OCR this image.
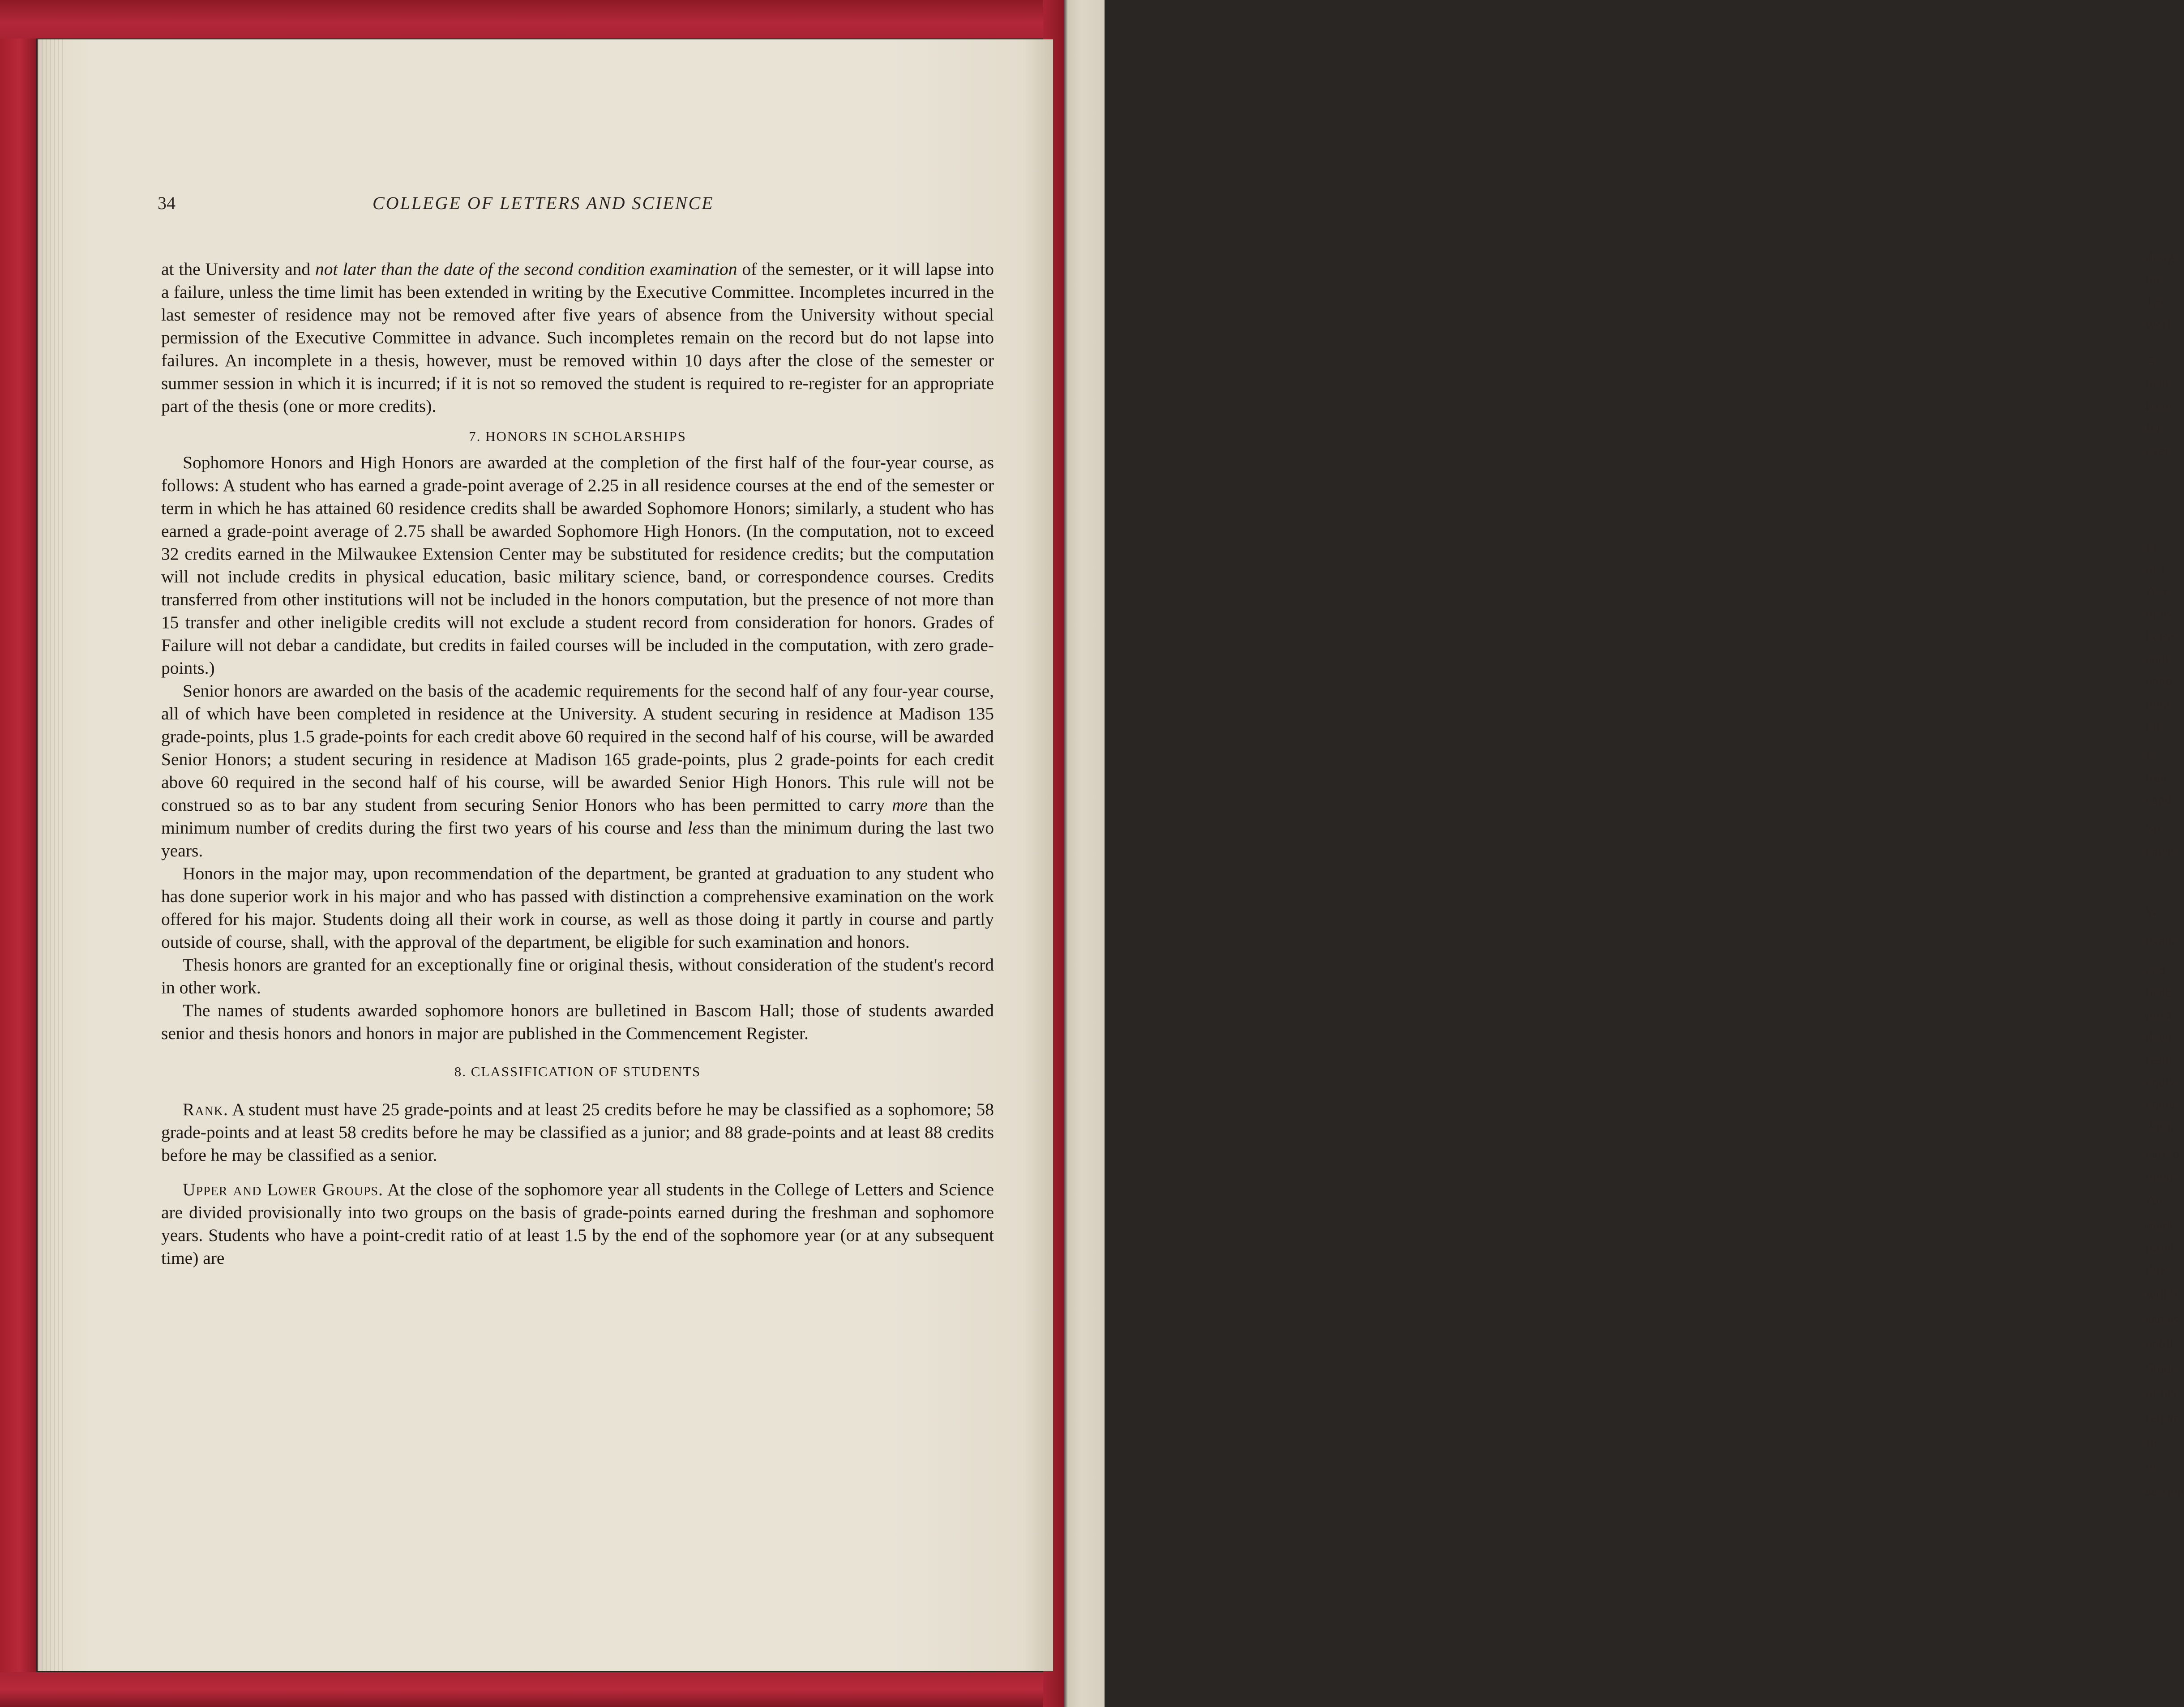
desig
the
1.5
worl
A
insti
have
for
aver
Fr
of L
A st
or ex
befor
addi
anno
may
the
R
tran
cand
Sp
capac
W
exam
and
bene
must
deter
resul
equiv
equiv
236).
case o
upon
An
mark
provi
thus
will b
semes
entitl
Stude
of his
requir
In
in
section
34	COLLEGE OF LETTERS AND SCIENCE

at the University and not later than the date of the second condition examination of the semester, or it will lapse into a failure, unless the time limit has been extended in writing by the Executive Committee. Incompletes incurred in the last semester of residence may not be removed after five years of absence from the University without special permission of the Executive Committee in advance. Such incompletes remain on the record but do not lapse into failures. An incomplete in a thesis, however, must be removed within 10 days after the close of the semester or summer session in which it is incurred; if it is not so removed the student is required to re-register for an appropriate part of the thesis (one or more credits).

7. HONORS IN SCHOLARSHIPS

Sophomore Honors and High Honors are awarded at the completion of the first half of the four-year course, as follows: A student who has earned a grade-point average of 2.25 in all residence courses at the end of the semester or term in which he has attained 60 residence credits shall be awarded Sophomore Honors; similarly, a student who has earned a grade-point average of 2.75 shall be awarded Sophomore High Honors. (In the computation, not to exceed 32 credits earned in the Milwaukee Extension Center may be substituted for residence credits; but the computation will not include credits in physical education, basic military science, band, or correspondence courses. Credits transferred from other institutions will not be included in the honors computation, but the presence of not more than 15 transfer and other ineligible credits will not exclude a student record from consideration for honors. Grades of Failure will not debar a candidate, but credits in failed courses will be included in the computation, with zero grade-points.)

Senior honors are awarded on the basis of the academic requirements for the second half of any four-year course, all of which have been completed in residence at the University. A student securing in residence at Madison 135 grade-points, plus 1.5 grade-points for each credit above 60 required in the second half of his course, will be awarded Senior Honors; a student securing in residence at Madison 165 grade-points, plus 2 grade-points for each credit above 60 required in the second half of his course, will be awarded Senior High Honors. This rule will not be construed so as to bar any student from securing Senior Honors who has been permitted to carry more than the minimum number of credits during the first two years of his course and less than the minimum during the last two years.

Honors in the major may, upon recommendation of the department, be granted at graduation to any student who has done superior work in his major and who has passed with distinction a comprehensive examination on the work offered for his major. Students doing all their work in course, as well as those doing it partly in course and partly outside of course, shall, with the approval of the department, be eligible for such examination and honors.

Thesis honors are granted for an exceptionally fine or original thesis, without consideration of the student's record in other work.

The names of students awarded sophomore honors are bulletined in Bascom Hall; those of students awarded senior and thesis honors and honors in major are published in the Commencement Register.

8. CLASSIFICATION OF STUDENTS

Rank. A student must have 25 grade-points and at least 25 credits before he may be classified as a sophomore; 58 grade-points and at least 58 credits before he may be classified as a junior; and 88 grade-points and at least 88 credits before he may be classified as a senior.

Upper and Lower Groups. At the close of the sophomore year all students in the College of Letters and Science are divided provisionally into two groups on the basis of grade-points earned during the freshman and sophomore years. Students who have a point-credit ratio of at least 1.5 by the end of the sophomore year (or at any subsequent time) are
